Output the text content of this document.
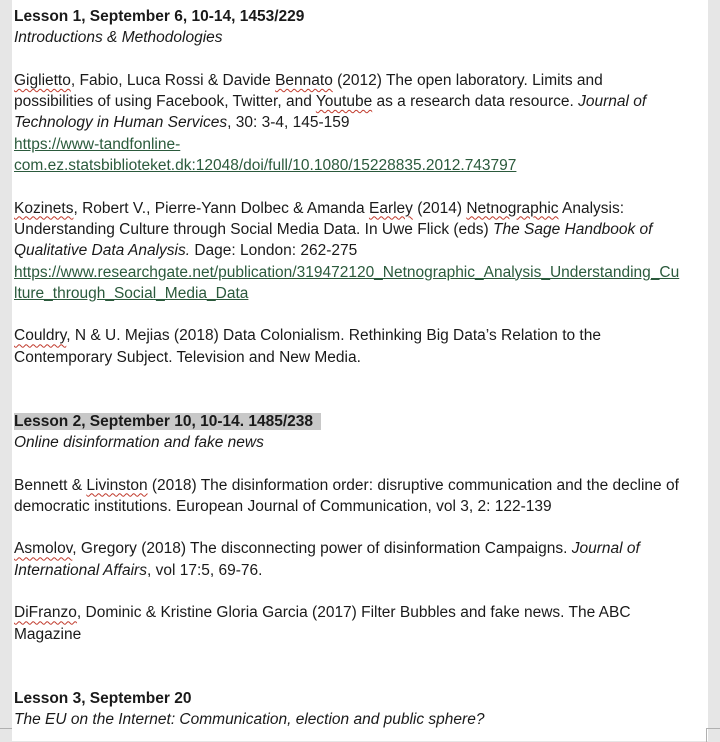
Lesson 1, September 6, 10-14, 1453/229
Introductions & Methodologies
Giglietto, Fabio, Luca Rossi & Davide Bennato (2012) The open laboratory. Limits and
possibilities of using Facebook, Twitter, and Youtube as a research data resource. Journal of
Technology in Human Services, 30: 3-4, 145-159
https://www-tandfonline-
com.ez.statsbiblioteket.dk:12048/doi/full/10.1080/15228835.2012.743797
Kozinets, Robert V., Pierre-Yann Dolbec & Amanda Earley (2014) Netnographic Analysis:
Understanding Culture through Social Media Data. In Uwe Flick (eds) The Sage Handbook of
Qualitative Data Analysis. Dage: London: 262-275
https://www.researchgate.net/publication/319472120_Netnographic_Analysis_Understanding_Cu
lture_through_Social_Media_Data
Couldry, N & U. Mejias (2018) Data Colonialism. Rethinking Big Data’s Relation to the
Contemporary Subject. Television and New Media.
Lesson 2, September 10, 10-14. 1485/238
Online disinformation and fake news
Bennett & Livinston (2018) The disinformation order: disruptive communication and the decline of
democratic institutions. European Journal of Communication, vol 3, 2: 122-139
Asmolov, Gregory (2018) The disconnecting power of disinformation Campaigns. Journal of
International Affairs, vol 17:5, 69-76.
DiFranzo, Dominic & Kristine Gloria Garcia (2017) Filter Bubbles and fake news. The ABC
Magazine
Lesson 3, September 20
The EU on the Internet: Communication, election and public sphere?
